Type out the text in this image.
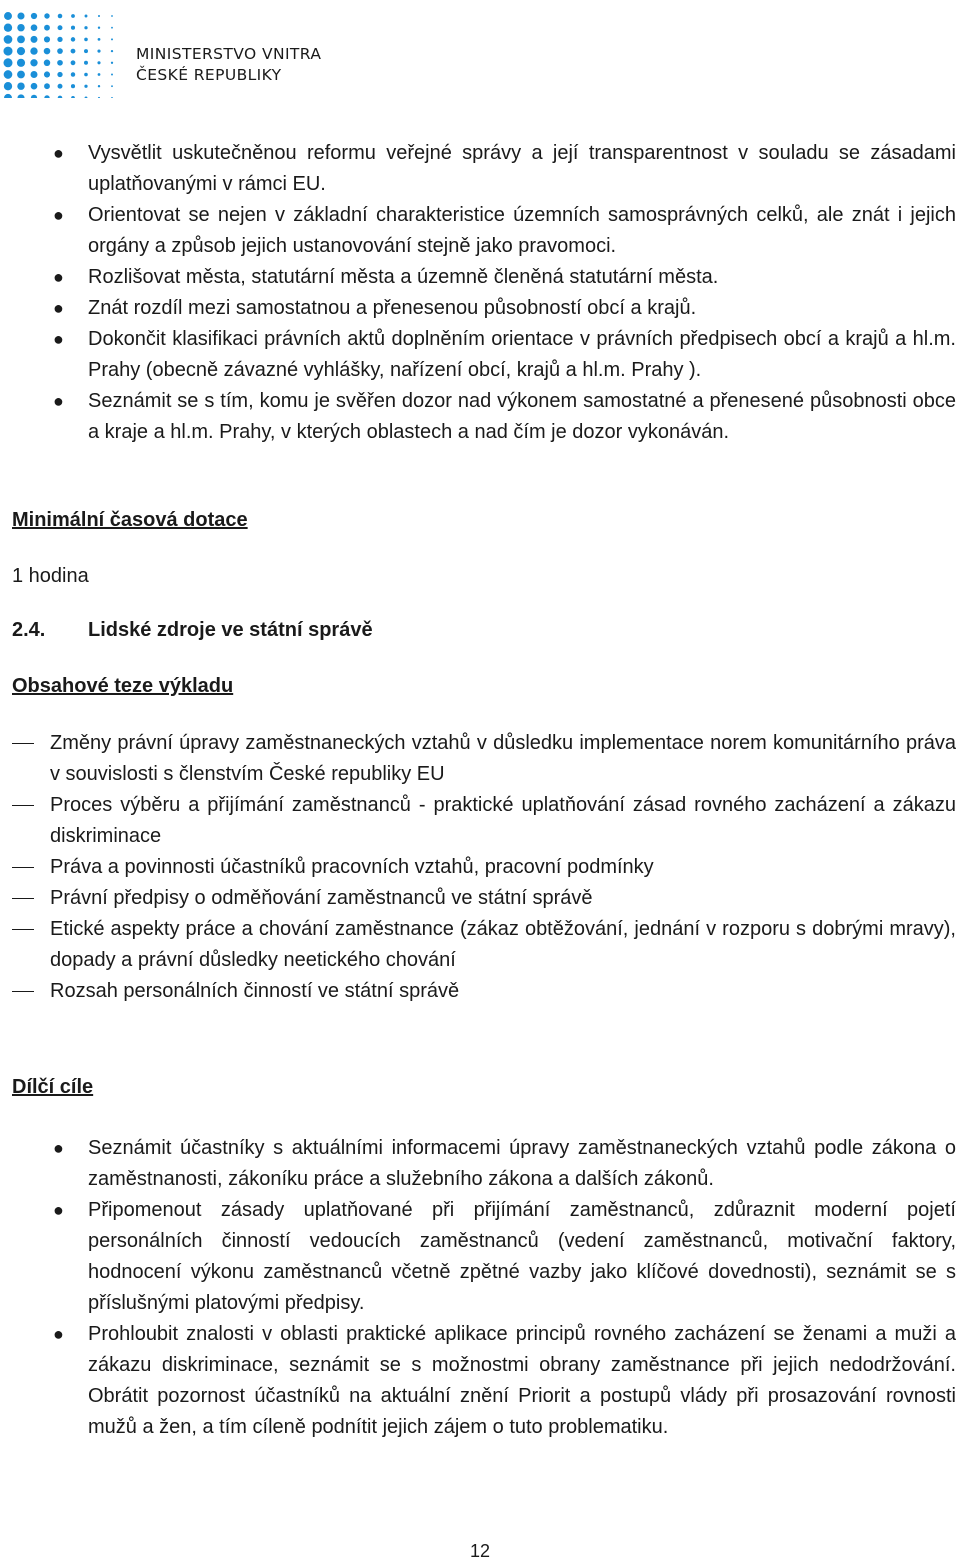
MINISTERSTVO VNITRA
ČESKÉ REPUBLIKY
●	Vysvětlit uskutečněnou reformu veřejné správy a její transparentnost v souladu se zásadami uplatňovanými v rámci EU.
●	Orientovat se nejen v základní charakteristice územních samosprávných celků, ale znát i jejich orgány a způsob jejich ustanovování stejně jako pravomoci.
●	Rozlišovat města, statutární města a územně členěná statutární města.
●	Znát rozdíl mezi samostatnou a přenesenou působností obcí a krajů.
●	Dokončit klasifikaci právních aktů doplněním orientace v právních předpisech obcí a krajů a hl.m. Prahy (obecně závazné vyhlášky, nařízení obcí, krajů a hl.m. Prahy ).
●	Seznámit se s tím, komu je svěřen dozor nad výkonem samostatné a přenesené působnosti obce a kraje a hl.m. Prahy, v kterých oblastech a nad čím je dozor vykonáván.

Minimální časová dotace

1 hodina

2.4. Lidské zdroje ve státní správě

Obsahové teze výkladu

Změny právní úpravy zaměstnaneckých vztahů v důsledku implementace norem komunitárního práva v souvislosti s členstvím České republiky EU
Proces výběru a přijímání zaměstnanců - praktické uplatňování zásad rovného zacházení a zákazu diskriminace
Práva a povinnosti účastníků pracovních vztahů, pracovní podmínky
Právní předpisy o odměňování zaměstnanců ve státní správě
Etické aspekty práce a chování zaměstnance (zákaz obtěžování, jednání v rozporu s dobrými mravy), dopady a právní důsledky neetického chování
Rozsah personálních činností ve státní správě

Dílčí cíle

●	Seznámit účastníky s aktuálními informacemi úpravy zaměstnaneckých vztahů podle zákona o zaměstnanosti, zákoníku práce a služebního zákona a dalších zákonů.
●	Připomenout zásady uplatňované při přijímání zaměstnanců, zdůraznit moderní pojetí personálních činností vedoucích zaměstnanců (vedení zaměstnanců, motivační faktory, hodnocení výkonu zaměstnanců včetně zpětné vazby jako klíčové dovednosti), seznámit se s příslušnými platovými předpisy.
●	Prohloubit znalosti v oblasti praktické aplikace principů rovného zacházení se ženami a muži a zákazu diskriminace, seznámit se s možnostmi obrany zaměstnance při jejich nedodržování. Obrátit pozornost účastníků na aktuální znění Priorit a postupů vlády při prosazování rovnosti mužů a žen, a tím cíleně podnítit jejich zájem o tuto problematiku.
12
